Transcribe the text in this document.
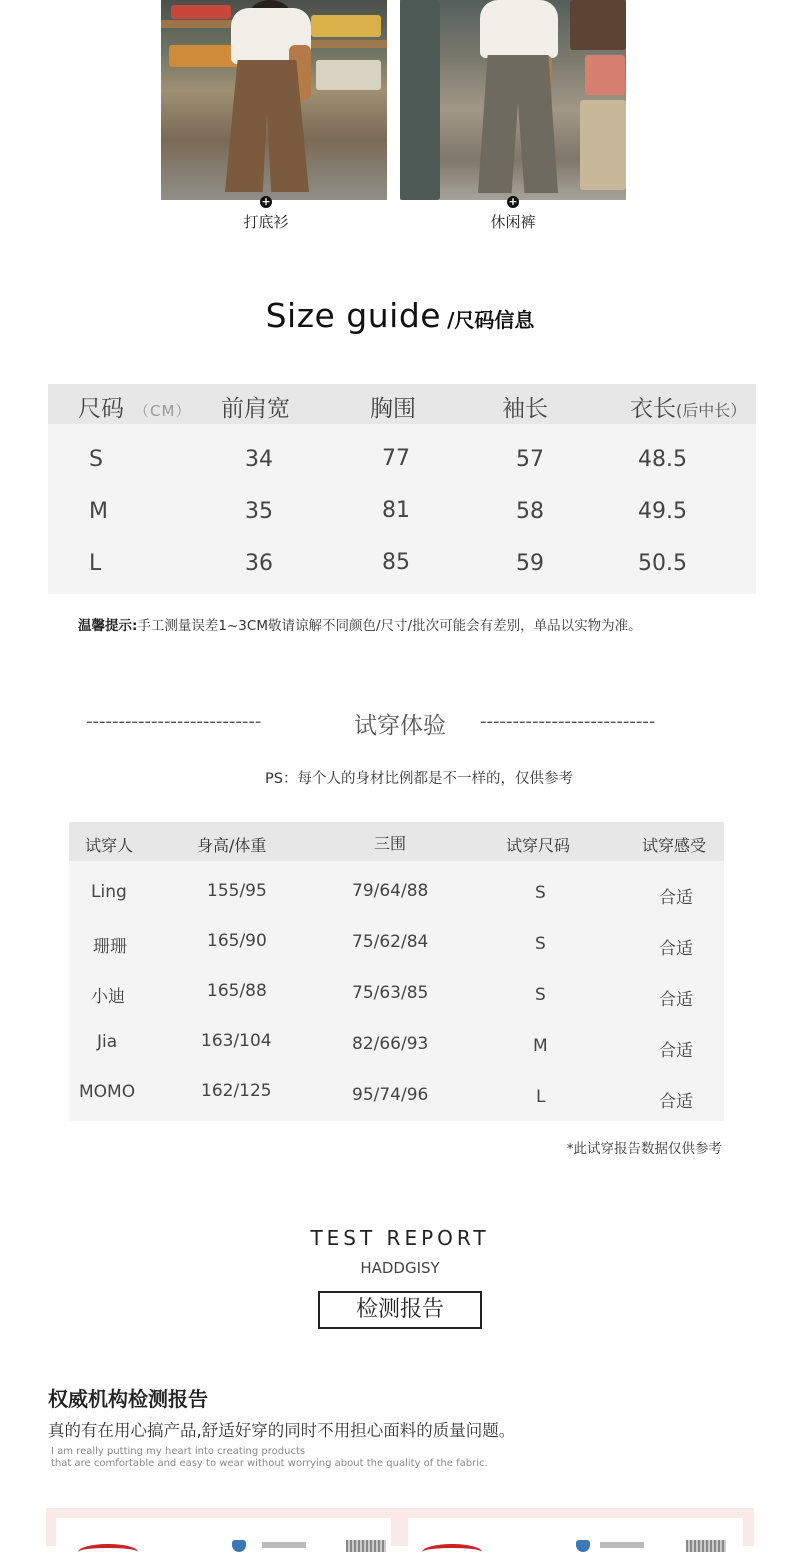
+
打底衫
+
休闲裤
Size guide /尺码信息
尺码 （CM） 前肩宽	胸围	袖长	衣长(后中长）
S	34	77	57	48.5
M	35	81	58	49.5
L	36	85	59	50.5
温馨提示:手工测量误差1~3CM敬请谅解不同颜色/尺寸/批次可能会有差别，单品以实物为准。
---------------------------	试穿体验	---------------------------
PS：每个人的身材比例都是不一样的，仅供参考
试穿人	身高/体重	三围	试穿尺码	试穿感受
Ling	155/95	79/64/88	S	合适
珊珊	165/90	75/62/84	S	合适
小迪	165/88	75/63/85	S	合适
Jia	163/104	82/66/93	M	合适
MOMO	162/125	95/74/96	L	合适
*此试穿报告数据仅供参考
TEST REPORT
HADDGISY
检测报告
权威机构检测报告
真的有在用心搞产品,舒适好穿的同时不用担心面料的质量问题。
I am really putting my heart into creating products
that are comfortable and easy to wear without worrying about the quality of the fabric.
